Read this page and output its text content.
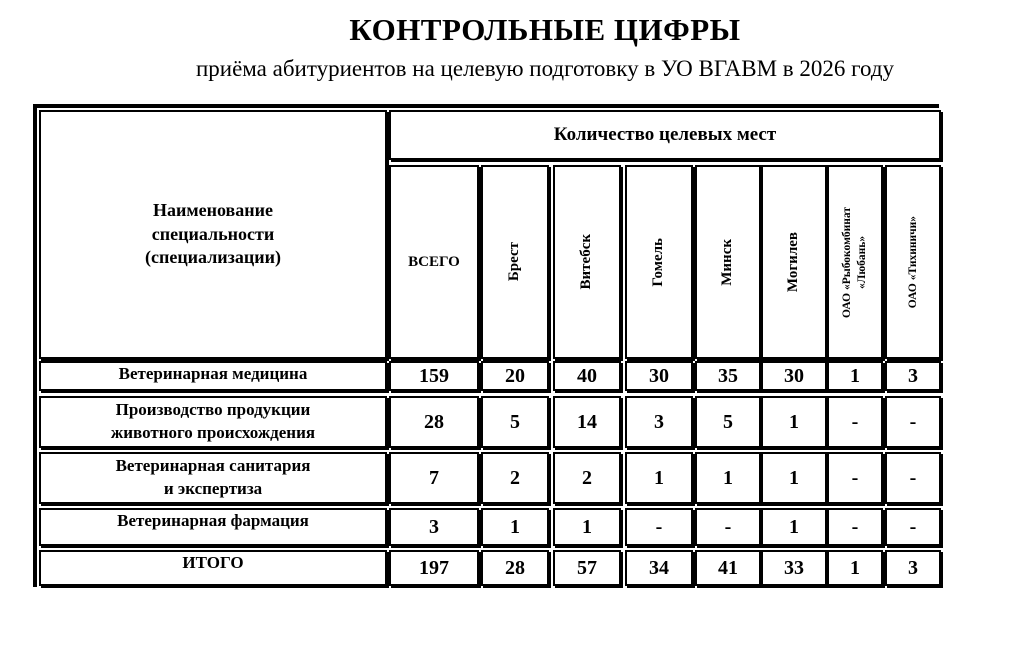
КОНТРОЛЬНЫЕ ЦИФРЫ
приёма абитуриентов на целевую подготовку в УО ВГАВМ в 2026 году
Наименование
специальности
(специализации)
Количество целевых мест
ВСЕГО	Брест	Витебск	Гомель	Минск	Могилев	ОАО «Рыбокомбинат «Любань»	ОАО «Тихиничи»
Ветеринарная медицина	159	20	40	30	35	30	1	3
Производство продукции
животного происхождения	28	5	14	3	5	1	-	-
Ветеринарная санитария
и экспертиза	7	2	2	1	1	1	-	-
Ветеринарная фармация	3	1	1	-	-	1	-	-
ИТОГО	197	28	57	34	41	33	1	3
